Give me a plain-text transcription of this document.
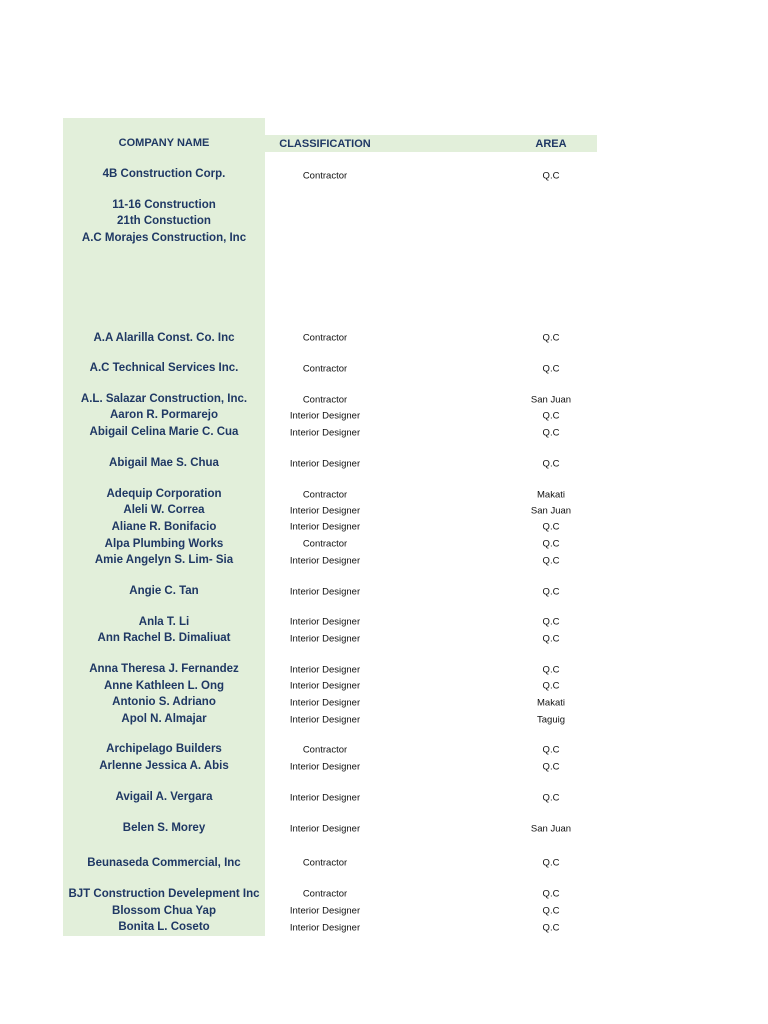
COMPANY NAME	CLASSIFICATION	AREA
4B Construction Corp.	Contractor	Q.C
11-16 Construction
21th Constuction
A.C Morajes Construction, Inc
A.A Alarilla Const. Co. Inc	Contractor	Q.C
A.C Technical Services Inc.	Contractor	Q.C
A.L. Salazar Construction, Inc.	Contractor	San Juan
Aaron R. Pormarejo	Interior Designer	Q.C
Abigail Celina Marie C. Cua	Interior Designer	Q.C
Abigail Mae S. Chua	Interior Designer	Q.C
Adequip Corporation	Contractor	Makati
Aleli W. Correa	Interior Designer	San Juan
Aliane R. Bonifacio	Interior Designer	Q.C
Alpa Plumbing Works	Contractor	Q.C
Amie Angelyn S. Lim- Sia	Interior Designer	Q.C
Angie C. Tan	Interior Designer	Q.C
Anla T. Li	Interior Designer	Q.C
Ann Rachel B. Dimaliuat	Interior Designer	Q.C
Anna Theresa J. Fernandez	Interior Designer	Q.C
Anne Kathleen L. Ong	Interior Designer	Q.C
Antonio S. Adriano	Interior Designer	Makati
Apol N. Almajar	Interior Designer	Taguig
Archipelago Builders	Contractor	Q.C
Arlenne Jessica A. Abis	Interior Designer	Q.C
Avigail A. Vergara	Interior Designer	Q.C
Belen S. Morey	Interior Designer	San Juan
Beunaseda Commercial, Inc	Contractor	Q.C
BJT Construction Develepment Inc	Contractor	Q.C
Blossom Chua Yap	Interior Designer	Q.C
Bonita L. Coseto	Interior Designer	Q.C
